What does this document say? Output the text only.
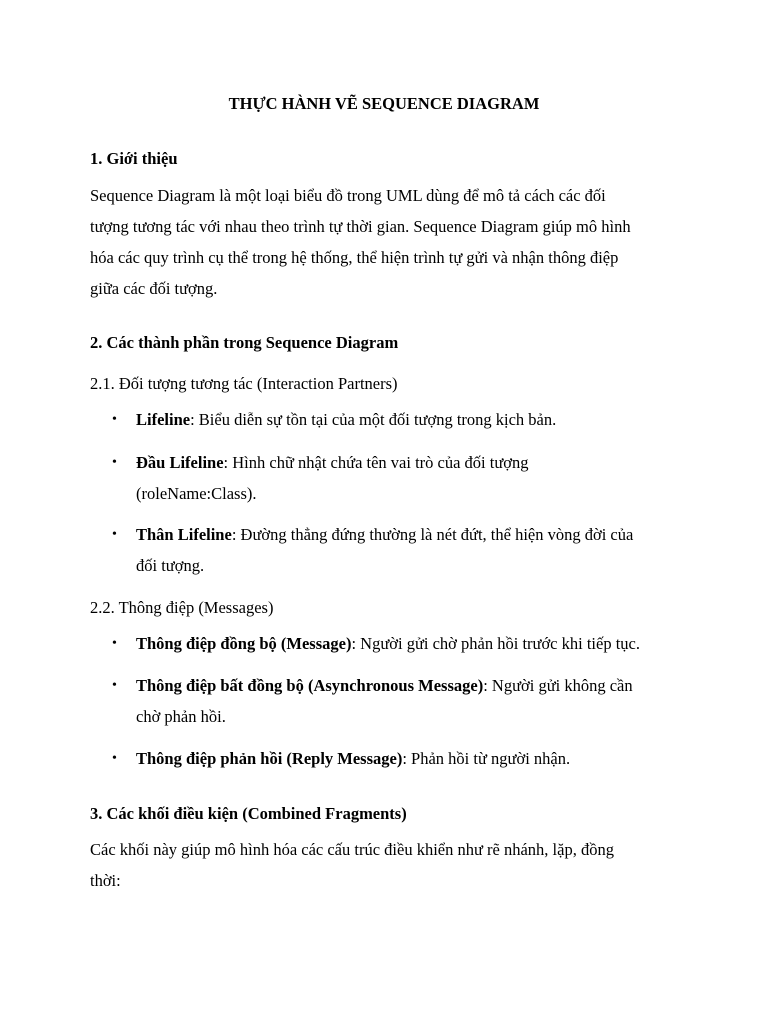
THỰC HÀNH VẼ SEQUENCE DIAGRAM
1. Giới thiệu
Sequence Diagram là một loại biểu đồ trong UML dùng để mô tả cách các đối
tượng tương tác với nhau theo trình tự thời gian. Sequence Diagram giúp mô hình
hóa các quy trình cụ thể trong hệ thống, thể hiện trình tự gửi và nhận thông điệp
giữa các đối tượng.
2. Các thành phần trong Sequence Diagram
2.1. Đối tượng tương tác (Interaction Partners)
• Lifeline: Biểu diễn sự tồn tại của một đối tượng trong kịch bản.
• Đầu Lifeline: Hình chữ nhật chứa tên vai trò của đối tượng
(roleName:Class).
• Thân Lifeline: Đường thẳng đứng thường là nét đứt, thể hiện vòng đời của
đối tượng.
2.2. Thông điệp (Messages)
• Thông điệp đồng bộ (Message): Người gửi chờ phản hồi trước khi tiếp tục.
• Thông điệp bất đồng bộ (Asynchronous Message): Người gửi không cần
chờ phản hồi.
• Thông điệp phản hồi (Reply Message): Phản hồi từ người nhận.
3. Các khối điều kiện (Combined Fragments)
Các khối này giúp mô hình hóa các cấu trúc điều khiển như rẽ nhánh, lặp, đồng
thời:
